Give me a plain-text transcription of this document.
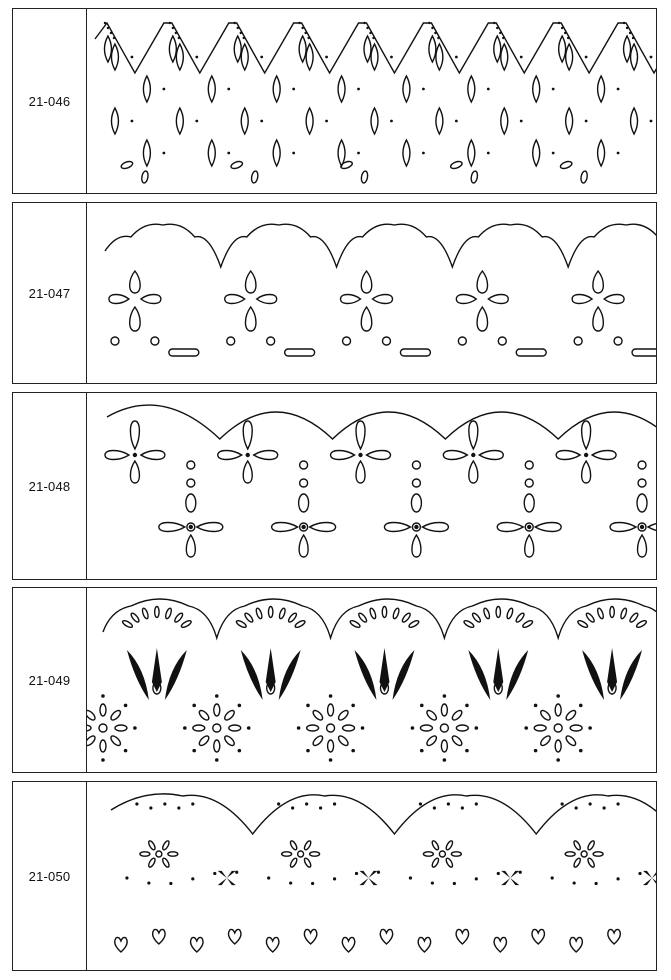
21-046
21-047
21-048
21-049
21-050
